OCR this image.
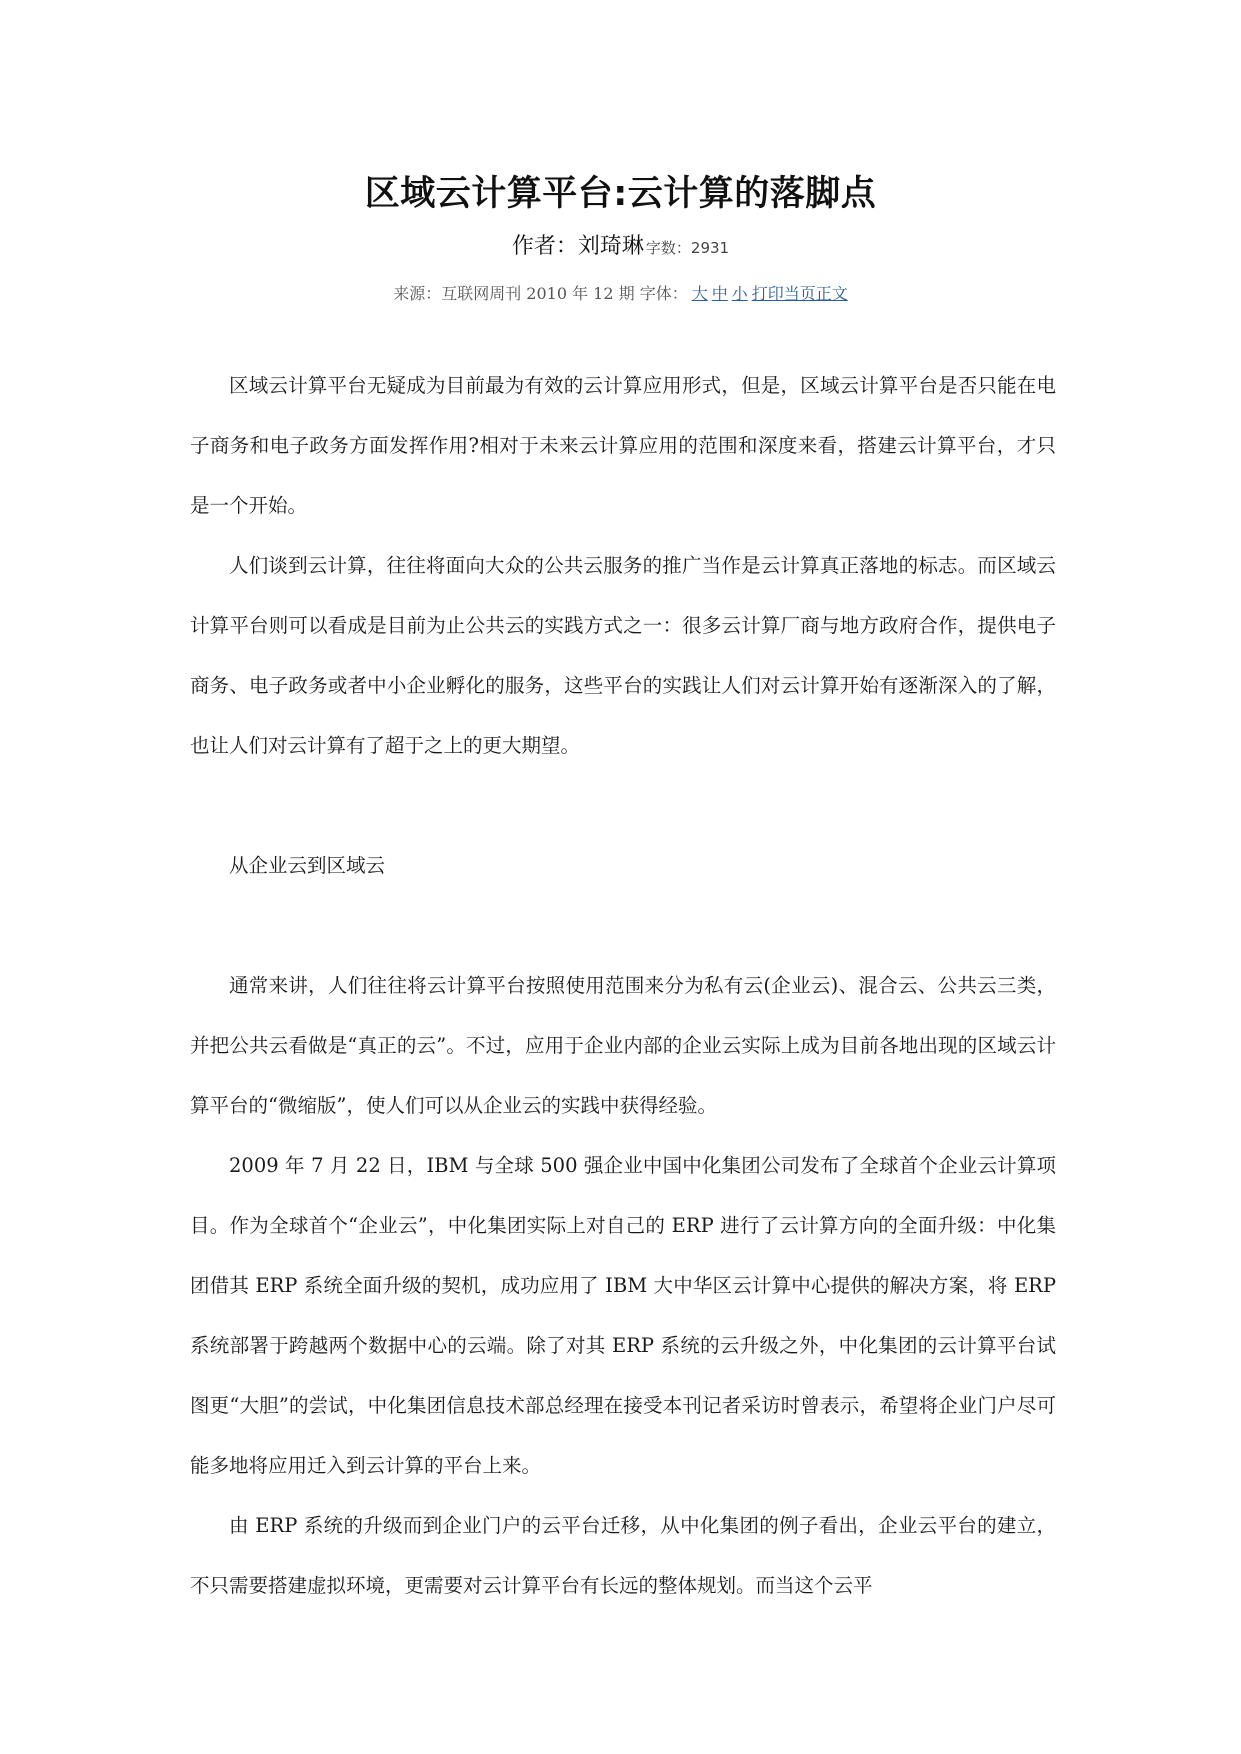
区域云计算平台:云计算的落脚点
作者：刘琦琳 字数：2931
来源：互联网周刊 2010 年 12 期 字体： 大 中 小 打印当页正文

区域云计算平台无疑成为目前最为有效的云计算应用形式，但是，区域云计算平台是否只能在电子商务和电子政务方面发挥作用?相对于未来云计算应用的范围和深度来看，搭建云计算平台，才只是一个开始。

人们谈到云计算，往往将面向大众的公共云服务的推广当作是云计算真正落地的标志。而区域云计算平台则可以看成是目前为止公共云的实践方式之一：很多云计算厂商与地方政府合作，提供电子商务、电子政务或者中小企业孵化的服务，这些平台的实践让人们对云计算开始有逐渐深入的了解，也让人们对云计算有了超于之上的更大期望。

从企业云到区域云

通常来讲，人们往往将云计算平台按照使用范围来分为私有云(企业云)、混合云、公共云三类，并把公共云看做是“真正的云”。不过，应用于企业内部的企业云实际上成为目前各地出现的区域云计算平台的“微缩版”，使人们可以从企业云的实践中获得经验。

2009 年 7 月 22 日，IBM 与全球 500 强企业中国中化集团公司发布了全球首个企业云计算项目。作为全球首个“企业云”，中化集团实际上对自己的 ERP 进行了云计算方向的全面升级：中化集团借其 ERP 系统全面升级的契机，成功应用了 IBM 大中华区云计算中心提供的解决方案，将 ERP 系统部署于跨越两个数据中心的云端。除了对其 ERP 系统的云升级之外，中化集团的云计算平台试图更“大胆”的尝试，中化集团信息技术部总经理在接受本刊记者采访时曾表示，希望将企业门户尽可能多地将应用迁入到云计算的平台上来。

由 ERP 系统的升级而到企业门户的云平台迁移，从中化集团的例子看出，企业云平台的建立，不只需要搭建虚拟环境，更需要对云计算平台有长远的整体规划。而当这个云平
